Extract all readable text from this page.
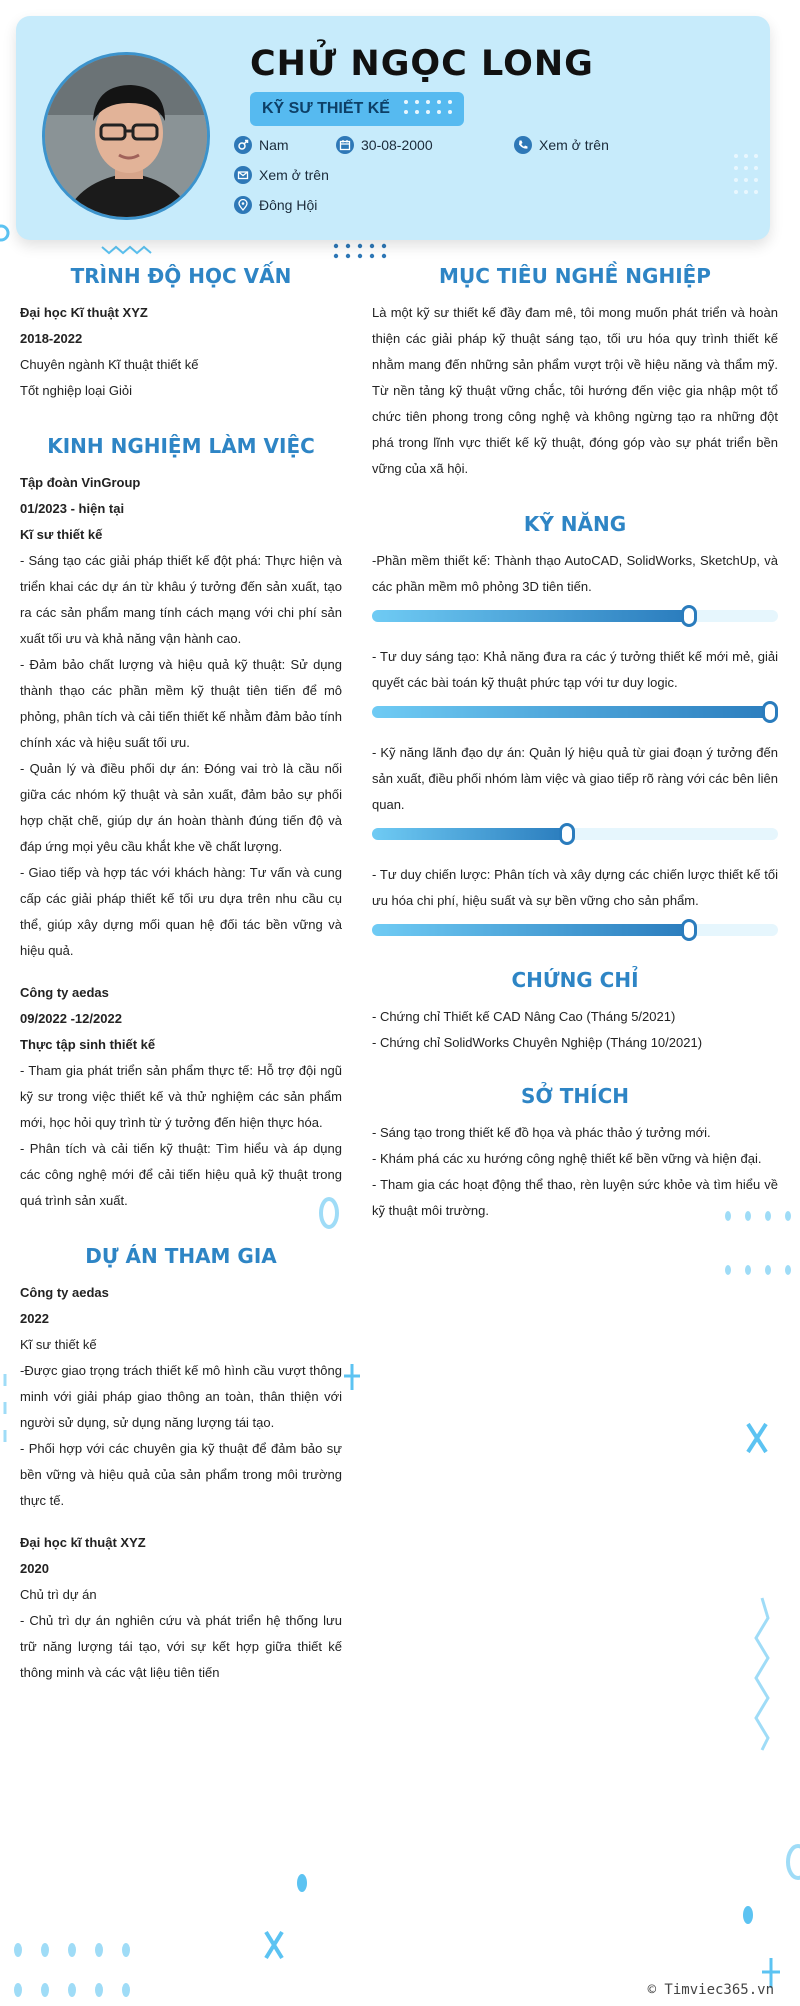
CHỬ NGỌC LONG
KỸ SƯ THIẾT KẾ
Nam	30-08-2000	Xem ở trên
Xem ở trên
Đông Hội
TRÌNH ĐỘ HỌC VẤN
Đại học Kĩ thuật XYZ
2018-2022
Chuyên ngành Kĩ thuật thiết kế
Tốt nghiệp loại Giỏi
KINH NGHIỆM LÀM VIỆC
Tập đoàn VinGroup
01/2023 - hiện tại
Kĩ sư thiết kế
- Sáng tạo các giải pháp thiết kế đột phá: Thực hiện và triển khai các dự án từ khâu ý tưởng đến sản xuất, tạo ra các sản phẩm mang tính cách mạng với chi phí sản xuất tối ưu và khả năng vận hành cao.
- Đảm bảo chất lượng và hiệu quả kỹ thuật: Sử dụng thành thạo các phần mềm kỹ thuật tiên tiến để mô phỏng, phân tích và cải tiến thiết kế nhằm đảm bảo tính chính xác và hiệu suất tối ưu.
- Quản lý và điều phối dự án: Đóng vai trò là cầu nối giữa các nhóm kỹ thuật và sản xuất, đảm bảo sự phối hợp chặt chẽ, giúp dự án hoàn thành đúng tiến độ và đáp ứng mọi yêu cầu khắt khe về chất lượng.
- Giao tiếp và hợp tác với khách hàng: Tư vấn và cung cấp các giải pháp thiết kế tối ưu dựa trên nhu cầu cụ thể, giúp xây dựng mối quan hệ đối tác bền vững và hiệu quả.
Công ty aedas
09/2022 -12/2022
Thực tập sinh thiết kế
- Tham gia phát triển sản phẩm thực tế: Hỗ trợ đội ngũ kỹ sư trong việc thiết kế và thử nghiệm các sản phẩm mới, học hỏi quy trình từ ý tưởng đến hiện thực hóa.
- Phân tích và cải tiến kỹ thuật: Tìm hiểu và áp dụng các công nghệ mới để cải tiến hiệu quả kỹ thuật trong quá trình sản xuất.
DỰ ÁN THAM GIA
Công ty aedas
2022
Kĩ sư thiết kế
-Được giao trọng trách thiết kế mô hình cầu vượt thông minh với giải pháp giao thông an toàn, thân thiện với người sử dụng, sử dụng năng lượng tái tạo.
- Phối hợp với các chuyên gia kỹ thuật để đảm bảo sự bền vững và hiệu quả của sản phẩm trong môi trường thực tế.
Đại học kĩ thuật XYZ
2020
Chủ trì dự án
- Chủ trì dự án nghiên cứu và phát triển hệ thống lưu trữ năng lượng tái tạo, với sự kết hợp giữa thiết kế thông minh và các vật liệu tiên tiến
MỤC TIÊU NGHỀ NGHIỆP
Là một kỹ sư thiết kế đầy đam mê, tôi mong muốn phát triển và hoàn thiện các giải pháp kỹ thuật sáng tạo, tối ưu hóa quy trình thiết kế nhằm mang đến những sản phẩm vượt trội về hiệu năng và thẩm mỹ. Từ nền tảng kỹ thuật vững chắc, tôi hướng đến việc gia nhập một tổ chức tiên phong trong công nghệ và không ngừng tạo ra những đột phá trong lĩnh vực thiết kế kỹ thuật, đóng góp vào sự phát triển bền vững của xã hội.
KỸ NĂNG
-Phần mềm thiết kế: Thành thạo AutoCAD, SolidWorks, SketchUp, và các phần mềm mô phỏng 3D tiên tiến.
- Tư duy sáng tạo: Khả năng đưa ra các ý tưởng thiết kế mới mẻ, giải quyết các bài toán kỹ thuật phức tạp với tư duy logic.
- Kỹ năng lãnh đạo dự án: Quản lý hiệu quả từ giai đoạn ý tưởng đến sản xuất, điều phối nhóm làm việc và giao tiếp rõ ràng với các bên liên quan.
- Tư duy chiến lược: Phân tích và xây dựng các chiến lược thiết kế tối ưu hóa chi phí, hiệu suất và sự bền vững cho sản phẩm.
CHỨNG CHỈ
- Chứng chỉ Thiết kế CAD Nâng Cao (Tháng 5/2021)
- Chứng chỉ SolidWorks Chuyên Nghiệp (Tháng 10/2021)
SỞ THÍCH
- Sáng tạo trong thiết kế đồ họa và phác thảo ý tưởng mới.
- Khám phá các xu hướng công nghệ thiết kế bền vững và hiện đại.
- Tham gia các hoạt động thể thao, rèn luyện sức khỏe và tìm hiểu về kỹ thuật môi trường.
© Timviec365.vn
